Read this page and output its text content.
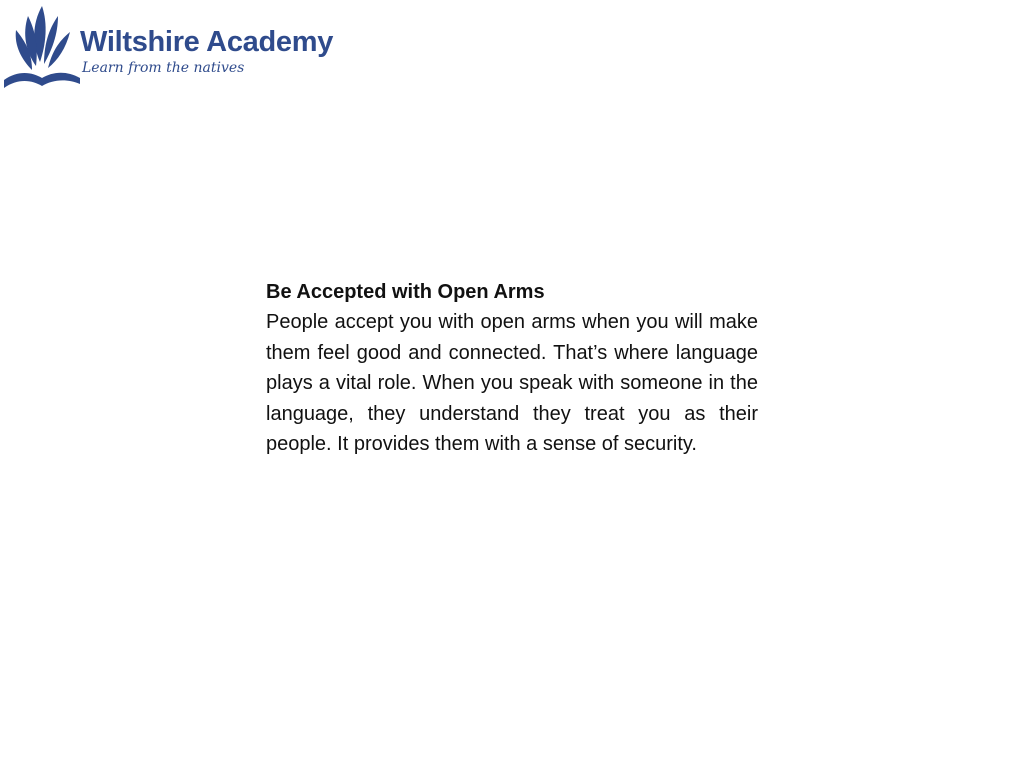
Wiltshire Academy
Learn from the natives

Be Accepted with Open Arms

People accept you with open arms when you will make them feel good and connected. That’s where language plays a vital role. When you speak with someone in the language, they understand they treat you as their people. It provides them with a sense of security.
